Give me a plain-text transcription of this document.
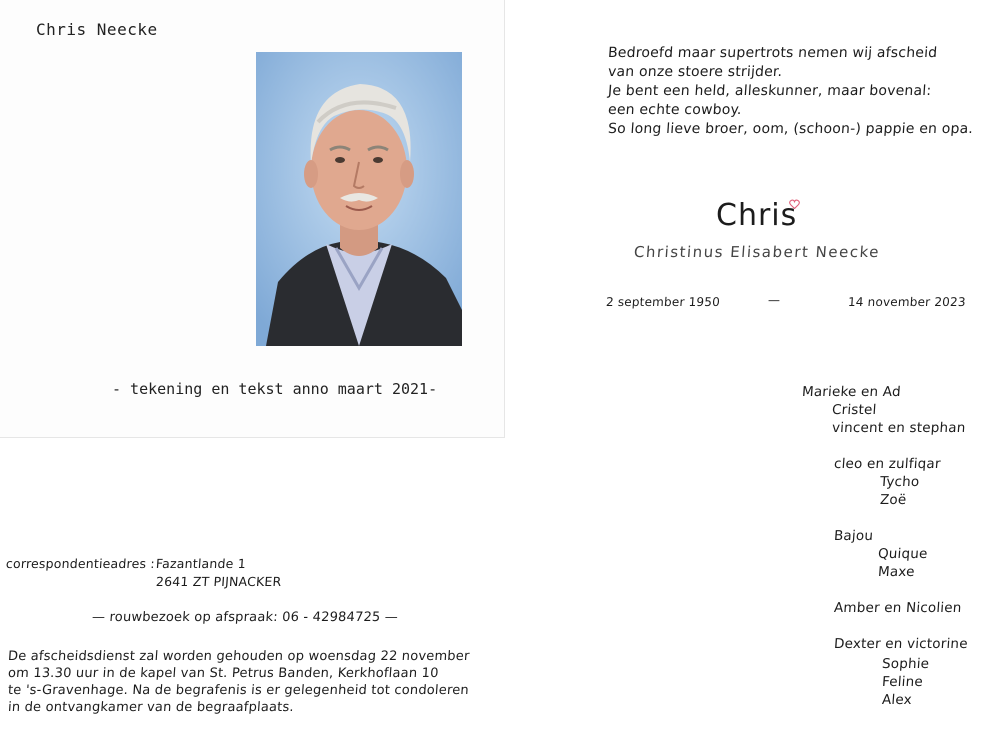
Chris Neecke
- tekening en tekst anno maart 2021-
Bedroefd maar supertrots nemen wij afscheid
van onze stoere strijder.
Je bent een held, alleskunner, maar bovenal:
een echte cowboy.
So long lieve broer, oom, (schoon-) pappie en opa.
Chris
Christinus Elisabert Neecke
2 september 1950	—	14 november 2023
Marieke en Ad
Cristel
vincent en stephan
cleo en zulfiqar
Tycho
Zoë
Bajou
Quique
Maxe
Amber en Nicolien
Dexter en victorine
Sophie
Feline
Alex
correspondentieadres : Fazantlande 1
2641 ZT PIJNACKER
— rouwbezoek op afspraak: 06 - 42984725 —
De afscheidsdienst zal worden gehouden op woensdag 22 november
om 13.30 uur in de kapel van St. Petrus Banden, Kerkhoflaan 10
te 's-Gravenhage. Na de begrafenis is er gelegenheid tot condoleren
in de ontvangkamer van de begraafplaats.
